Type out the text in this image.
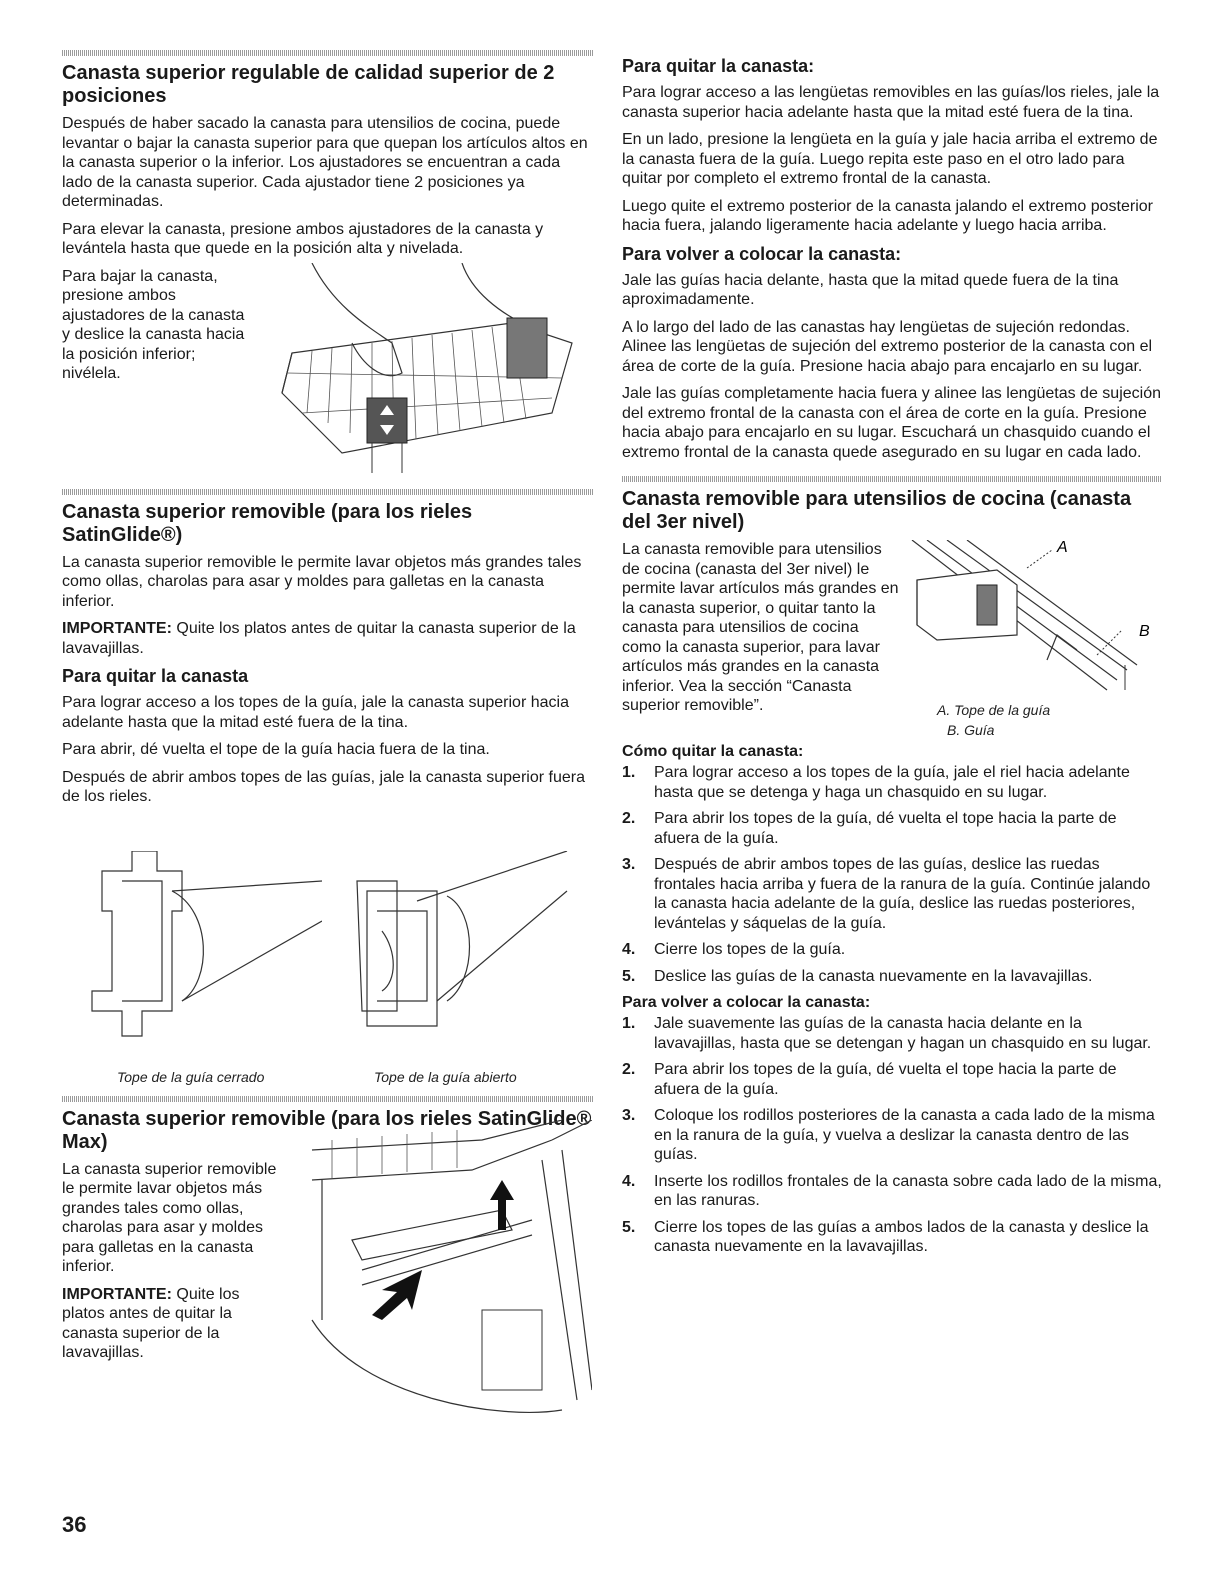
Canasta superior regulable de calidad superior de 2 posiciones

Después de haber sacado la canasta para utensilios de cocina, puede levantar o bajar la canasta superior para que quepan los artículos altos en la canasta superior o la inferior. Los ajustadores se encuentran a cada lado de la canasta superior. Cada ajustador tiene 2 posiciones ya determinadas.

Para elevar la canasta, presione ambos ajustadores de la canasta y levántela hasta que quede en la posición alta y nivelada.

Para bajar la canasta, presione ambos ajustadores de la canasta y deslice la canasta hacia la posición inferior; nivélela.

Canasta superior removible (para los rieles SatinGlide®)

La canasta superior removible le permite lavar objetos más grandes tales como ollas, charolas para asar y moldes para galletas en la canasta inferior.

IMPORTANTE: Quite los platos antes de quitar la canasta superior de la lavavajillas.

Para quitar la canasta

Para lograr acceso a los topes de la guía, jale la canasta superior hacia adelante hasta que la mitad esté fuera de la tina.

Para abrir, dé vuelta el tope de la guía hacia fuera de la tina.

Después de abrir ambos topes de las guías, jale la canasta superior fuera de los rieles.

Tope de la guía cerrado	Tope de la guía abierto
Canasta superior removible (para los rieles SatinGlide® Max)

La canasta superior removible le permite lavar objetos más grandes tales como ollas, charolas para asar y moldes para galletas en la canasta inferior.

IMPORTANTE: Quite los platos antes de quitar la canasta superior de la lavavajillas.

Para quitar la canasta:

Para lograr acceso a las lengüetas removibles en las guías/los rieles, jale la canasta superior hacia adelante hasta que la mitad esté fuera de la tina.

En un lado, presione la lengüeta en la guía y jale hacia arriba el extremo de la canasta fuera de la guía. Luego repita este paso en el otro lado para quitar por completo el extremo frontal de la canasta.

Luego quite el extremo posterior de la canasta jalando el extremo posterior hacia fuera, jalando ligeramente hacia adelante y luego hacia arriba.

Para volver a colocar la canasta:

Jale las guías hacia delante, hasta que la mitad quede fuera de la tina aproximadamente.

A lo largo del lado de las canastas hay lengüetas de sujeción redondas. Alinee las lengüetas de sujeción del extremo posterior de la canasta con el área de corte de la guía. Presione hacia abajo para encajarlo en su lugar.

Jale las guías completamente hacia fuera y alinee las lengüetas de sujeción del extremo frontal de la canasta con el área de corte en la guía. Presione hacia abajo para encajarlo en su lugar. Escuchará un chasquido cuando el extremo frontal de la canasta quede asegurado en su lugar en cada lado.

Canasta removible para utensilios de cocina (canasta del 3er nivel)

La canasta removible para utensilios de cocina (canasta del 3er nivel) le permite lavar artículos más grandes en la canasta superior, o quitar tanto la canasta para utensilios de cocina como la canasta superior, para lavar artículos más grandes en la canasta inferior. Vea la sección “Canasta superior removible”.

A
B
A. Tope de la guía
B. Guía
Cómo quitar la canasta:
1. Para lograr acceso a los topes de la guía, jale el riel hacia adelante hasta que se detenga y haga un chasquido en su lugar.
2. Para abrir los topes de la guía, dé vuelta el tope hacia la parte de afuera de la guía.
3. Después de abrir ambos topes de las guías, deslice las ruedas frontales hacia arriba y fuera de la ranura de la guía. Continúe jalando la canasta hacia adelante de la guía, deslice las ruedas posteriores, levántelas y sáquelas de la guía.
4. Cierre los topes de la guía.
5. Deslice las guías de la canasta nuevamente en la lavavajillas.
Para volver a colocar la canasta:
1. Jale suavemente las guías de la canasta hacia delante en la lavavajillas, hasta que se detengan y hagan un chasquido en su lugar.
2. Para abrir los topes de la guía, dé vuelta el tope hacia la parte de afuera de la guía.
3. Coloque los rodillos posteriores de la canasta a cada lado de la misma en la ranura de la guía, y vuelva a deslizar la canasta dentro de las guías.
4. Inserte los rodillos frontales de la canasta sobre cada lado de la misma, en las ranuras.
5. Cierre los topes de las guías a ambos lados de la canasta y deslice la canasta nuevamente en la lavavajillas.
36
